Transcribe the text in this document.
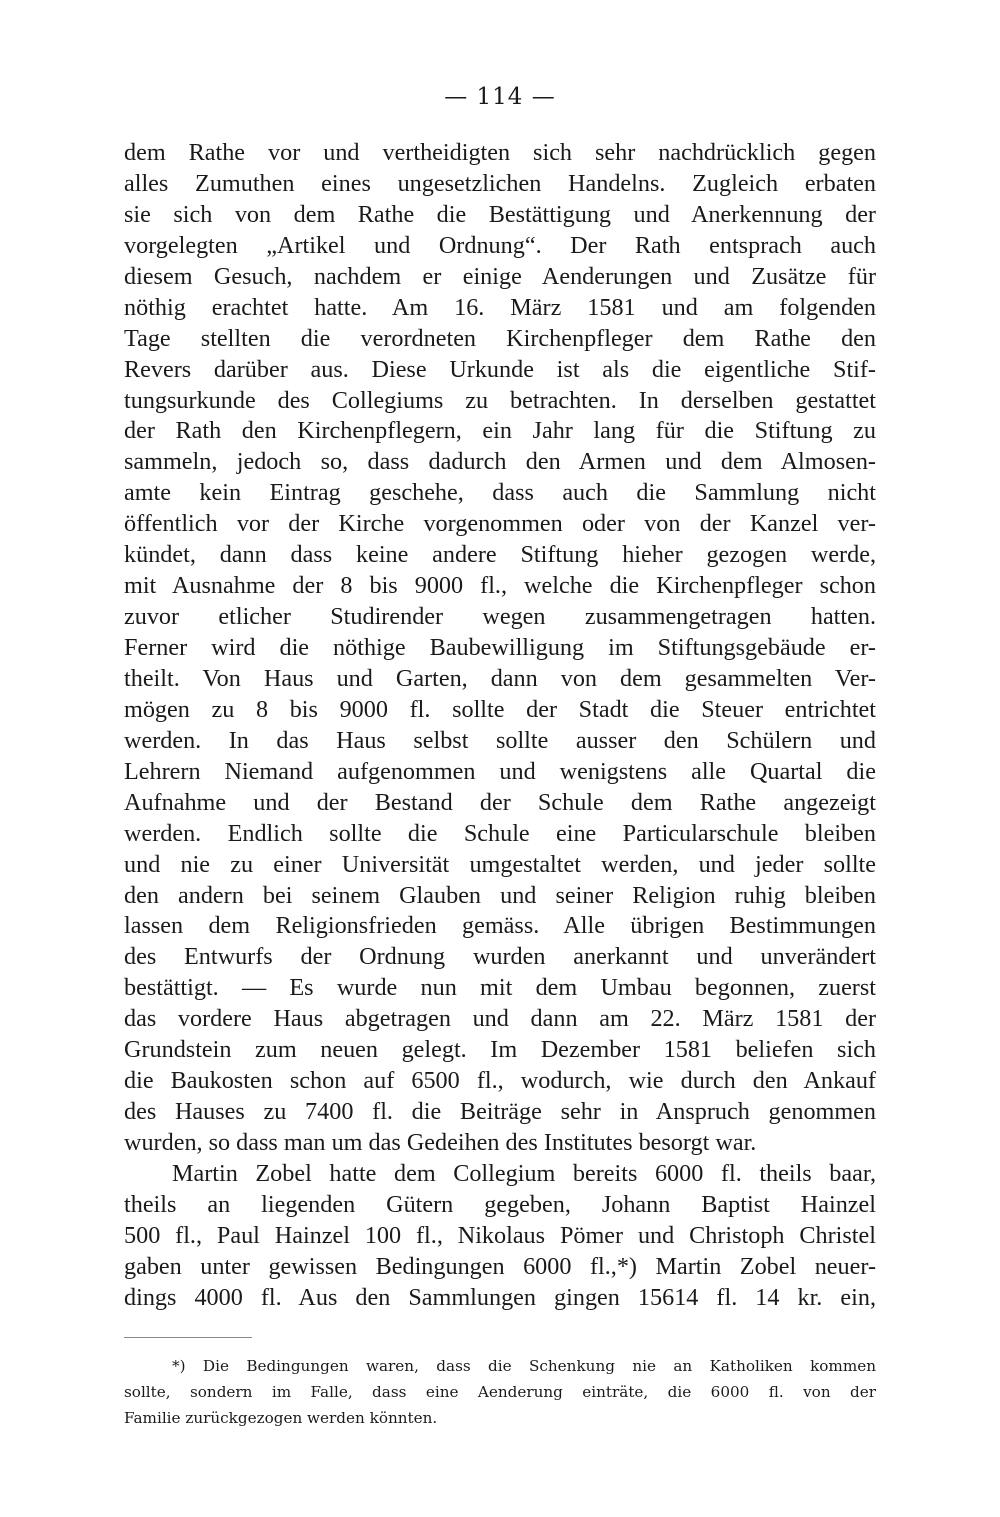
— 114 —
dem Rathe vor und vertheidigten sich sehr nachdrücklich gegen
alles Zumuthen eines ungesetzlichen Handelns. Zugleich erbaten
sie sich von dem Rathe die Bestättigung und Anerkennung der
vorgelegten „Artikel und Ordnung“. Der Rath entsprach auch
diesem Gesuch, nachdem er einige Aenderungen und Zusätze für
nöthig erachtet hatte. Am 16. März 1581 und am folgenden
Tage stellten die verordneten Kirchenpfleger dem Rathe den
Revers darüber aus. Diese Urkunde ist als die eigentliche Stif-
tungsurkunde des Collegiums zu betrachten. In derselben gestattet
der Rath den Kirchenpflegern, ein Jahr lang für die Stiftung zu
sammeln, jedoch so, dass dadurch den Armen und dem Almosen-
amte kein Eintrag geschehe, dass auch die Sammlung nicht
öffentlich vor der Kirche vorgenommen oder von der Kanzel ver-
kündet, dann dass keine andere Stiftung hieher gezogen werde,
mit Ausnahme der 8 bis 9000 fl., welche die Kirchenpfleger schon
zuvor etlicher Studirender wegen zusammengetragen hatten.
Ferner wird die nöthige Baubewilligung im Stiftungsgebäude er-
theilt. Von Haus und Garten, dann von dem gesammelten Ver-
mögen zu 8 bis 9000 fl. sollte der Stadt die Steuer entrichtet
werden. In das Haus selbst sollte ausser den Schülern und
Lehrern Niemand aufgenommen und wenigstens alle Quartal die
Aufnahme und der Bestand der Schule dem Rathe angezeigt
werden. Endlich sollte die Schule eine Particularschule bleiben
und nie zu einer Universität umgestaltet werden, und jeder sollte
den andern bei seinem Glauben und seiner Religion ruhig bleiben
lassen dem Religionsfrieden gemäss. Alle übrigen Bestimmungen
des Entwurfs der Ordnung wurden anerkannt und unverändert
bestättigt. — Es wurde nun mit dem Umbau begonnen, zuerst
das vordere Haus abgetragen und dann am 22. März 1581 der
Grundstein zum neuen gelegt. Im Dezember 1581 beliefen sich
die Baukosten schon auf 6500 fl., wodurch, wie durch den Ankauf
des Hauses zu 7400 fl. die Beiträge sehr in Anspruch genommen
wurden, so dass man um das Gedeihen des Institutes besorgt war.
Martin Zobel hatte dem Collegium bereits 6000 fl. theils baar,
theils an liegenden Gütern gegeben, Johann Baptist Hainzel
500 fl., Paul Hainzel 100 fl., Nikolaus Pömer und Christoph Christel
gaben unter gewissen Bedingungen 6000 fl.,*) Martin Zobel neuer-
dings 4000 fl. Aus den Sammlungen gingen 15614 fl. 14 kr. ein,
*) Die Bedingungen waren, dass die Schenkung nie an Katholiken kommen
sollte, sondern im Falle, dass eine Aenderung einträte, die 6000 fl. von der
Familie zurückgezogen werden könnten.
